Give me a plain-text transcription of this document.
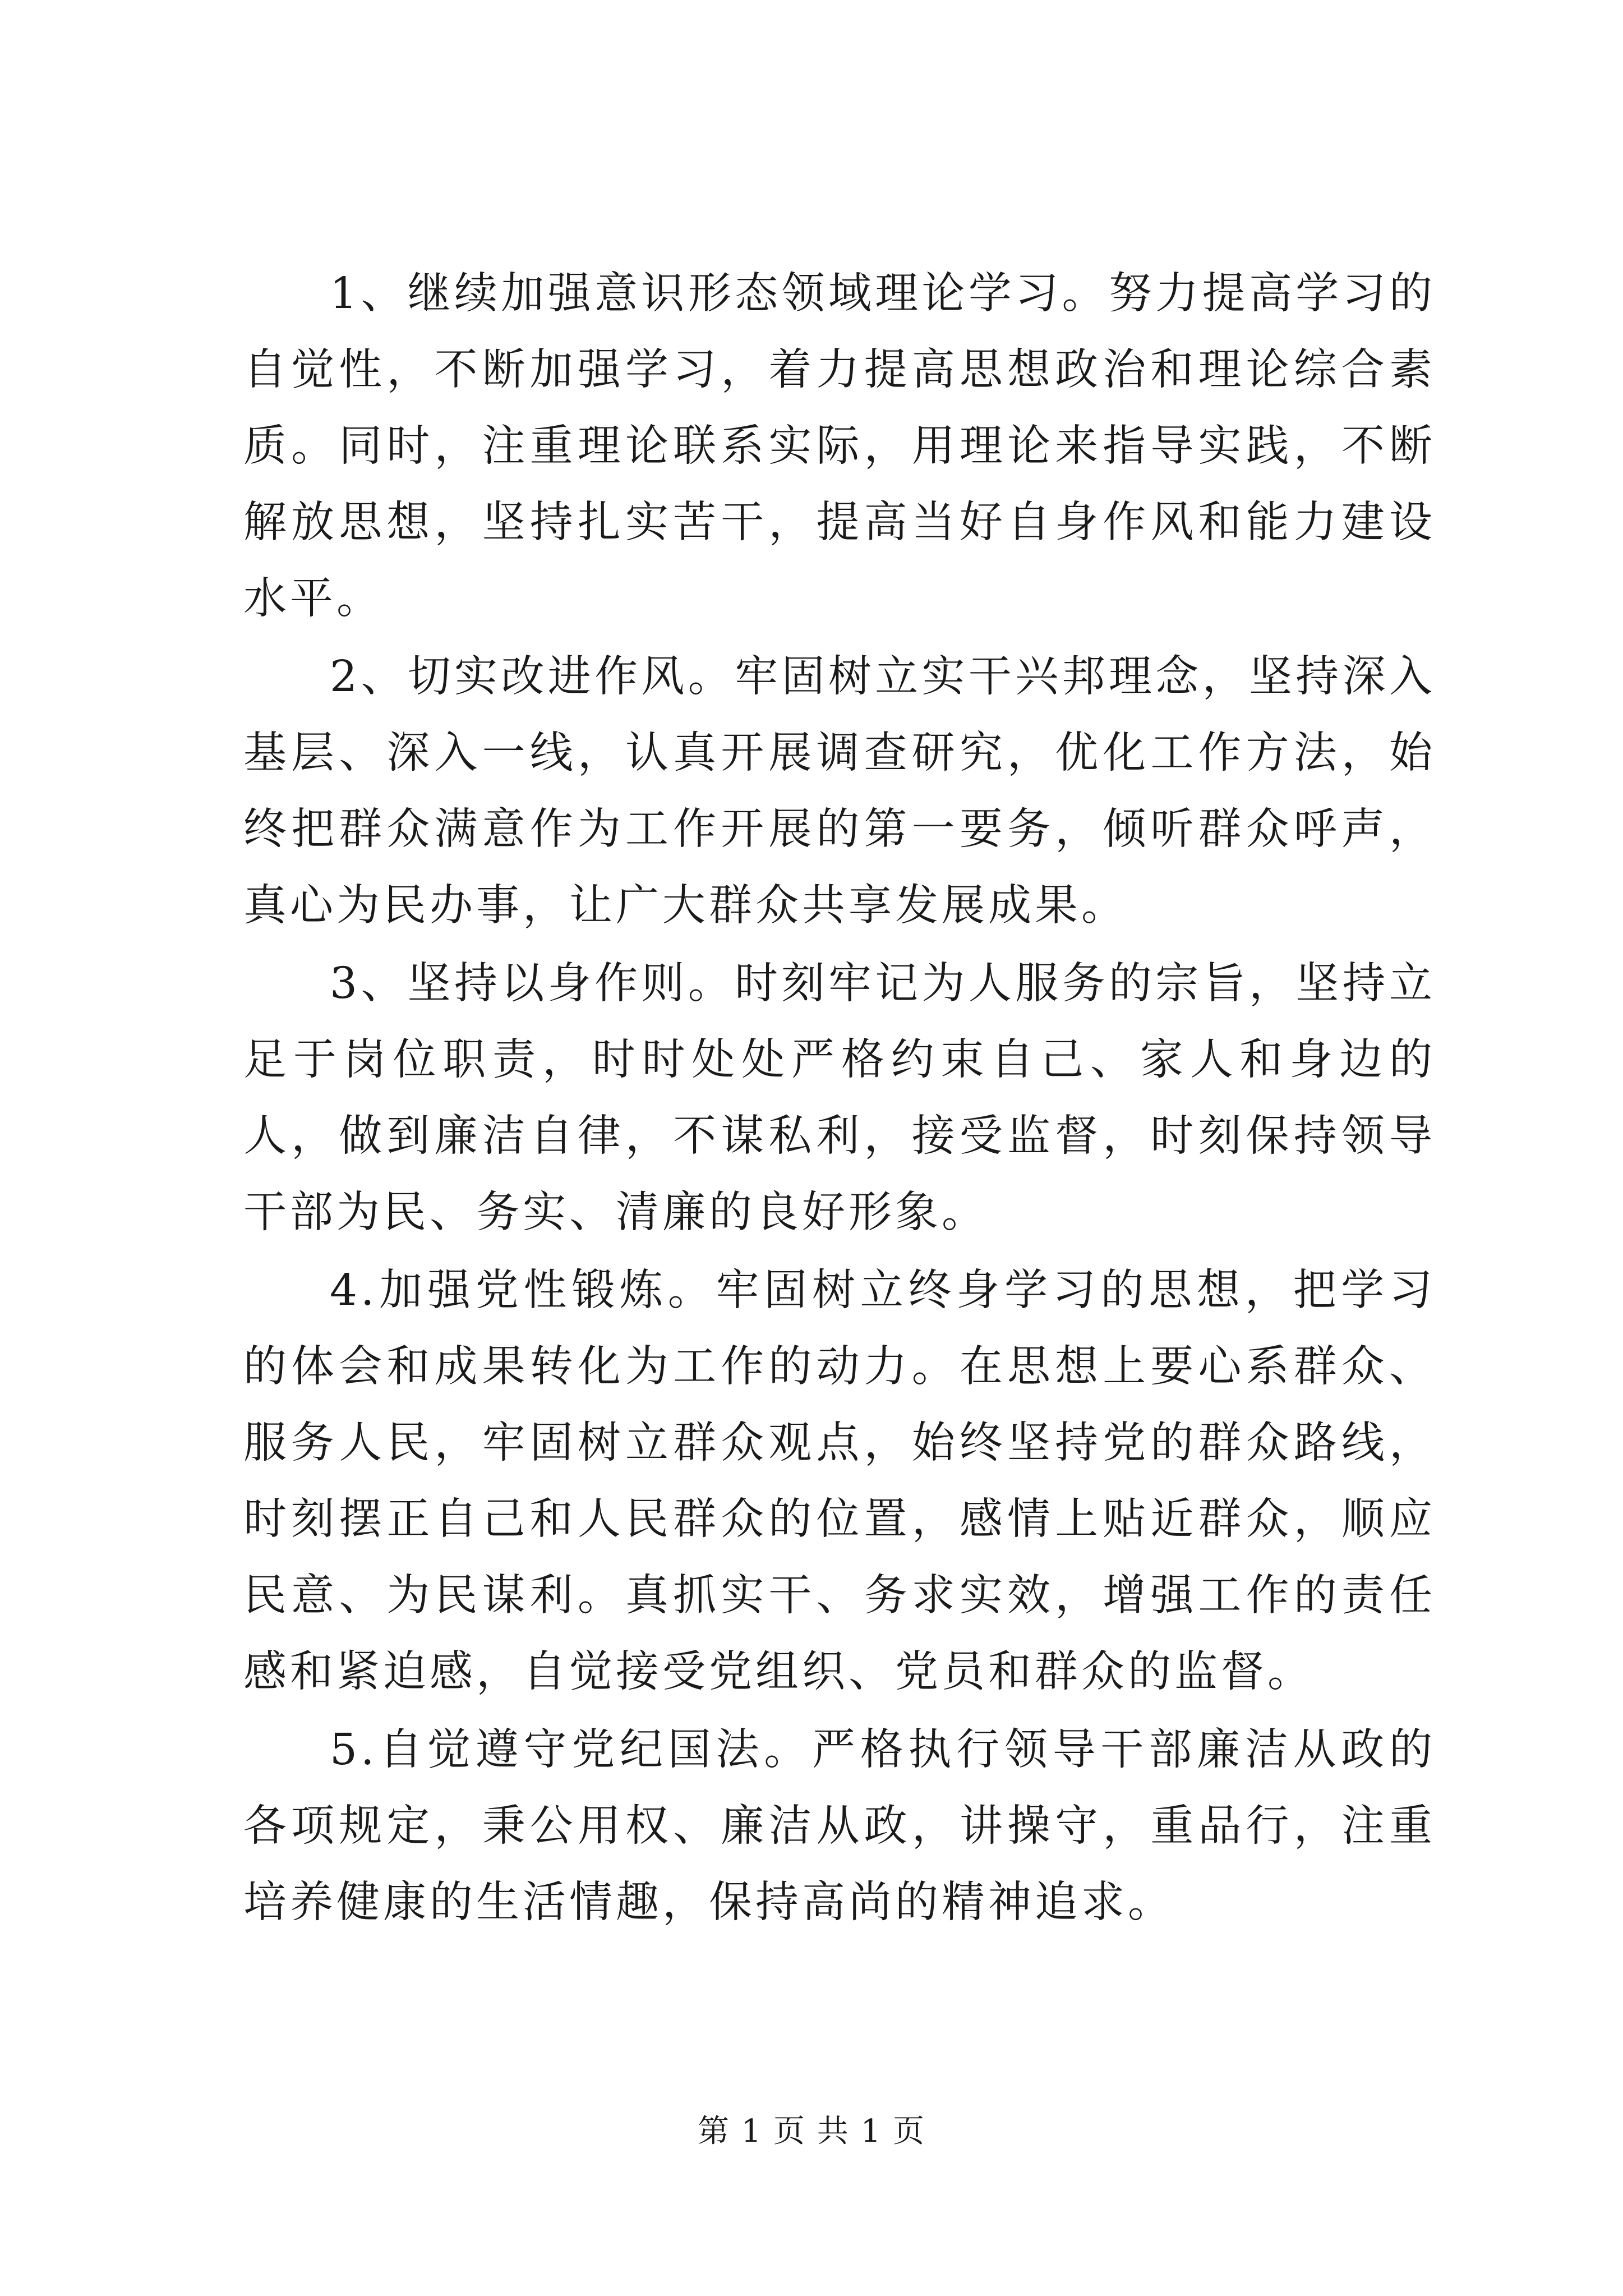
1、继续加强意识形态领域理论学习。努力提高学习的自觉性，不断加强学习，着力提高思想政治和理论综合素质。同时，注重理论联系实际，用理论来指导实践，不断解放思想，坚持扎实苦干，提高当好自身作风和能力建设水平。

2、切实改进作风。牢固树立实干兴邦理念，坚持深入基层、深入一线，认真开展调查研究，优化工作方法，始终把群众满意作为工作开展的第一要务，倾听群众呼声，真心为民办事，让广大群众共享发展成果。

3、坚持以身作则。时刻牢记为人服务的宗旨，坚持立足于岗位职责，时时处处严格约束自己、家人和身边的人，做到廉洁自律，不谋私利，接受监督，时刻保持领导干部为民、务实、清廉的良好形象。

4.加强党性锻炼。牢固树立终身学习的思想，把学习的体会和成果转化为工作的动力。在思想上要心系群众、服务人民，牢固树立群众观点，始终坚持党的群众路线，时刻摆正自己和人民群众的位置，感情上贴近群众，顺应民意、为民谋利。真抓实干、务求实效，增强工作的责任感和紧迫感，自觉接受党组织、党员和群众的监督。

5.自觉遵守党纪国法。严格执行领导干部廉洁从政的各项规定，秉公用权、廉洁从政，讲操守，重品行，注重培养健康的生活情趣，保持高尚的精神追求。

第 1 页 共 1 页
